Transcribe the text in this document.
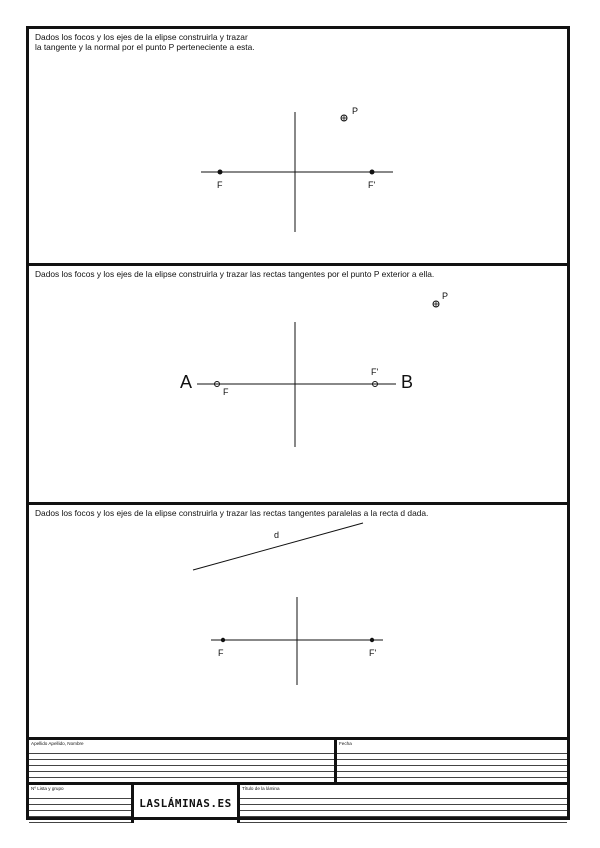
Dados los focos y los ejes de la elipse construirla y trazar
la tangente y la normal por el punto P perteneciente a esta.
F	F'
P
Dados los focos y los ejes de la elipse construirla y trazar las rectas tangentes por el punto P exterior a ella.
A	B
F
F'
P
Dados los focos y los ejes de la elipse construirla y trazar las rectas tangentes paralelas a la recta d dada.
d
F	F'
Apellido Apellido, Nombre	Fecha
Nº Lista y grupo
LASLÁMINAS.ES
Título de la lámina
